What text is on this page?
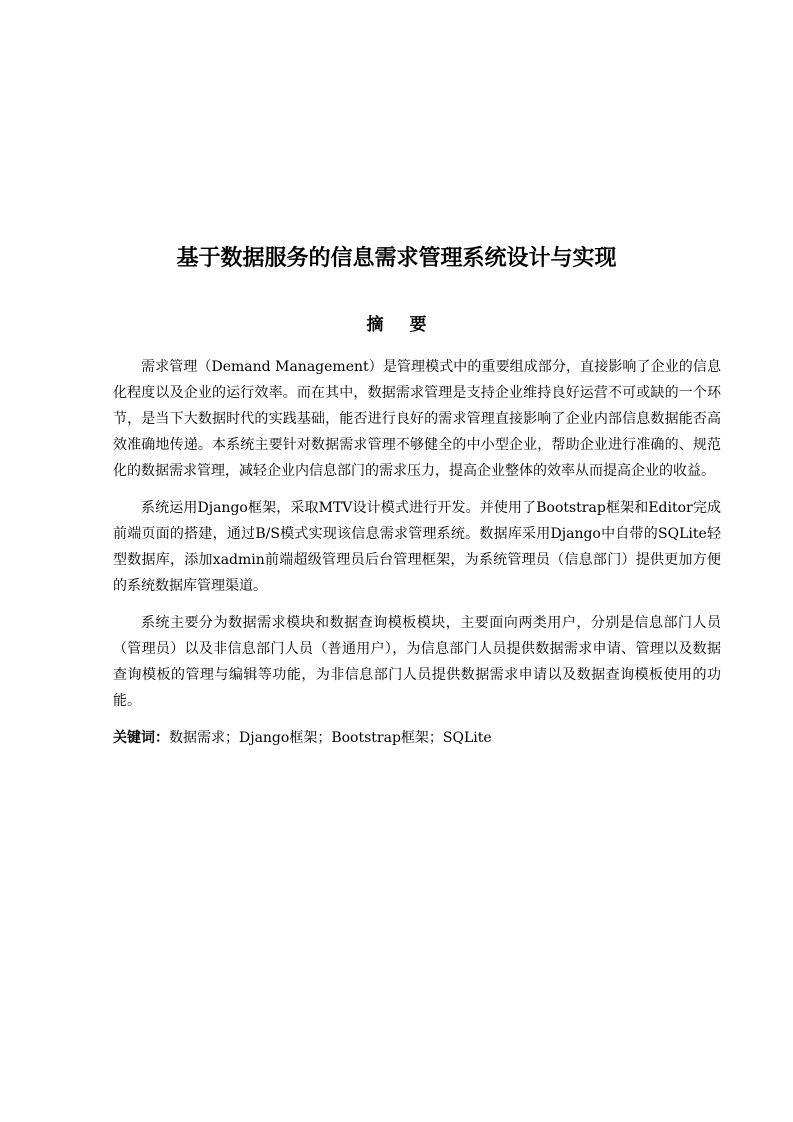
基于数据服务的信息需求管理系统设计与实现
摘 要

需求管理（Demand Management）是管理模式中的重要组成部分，直接影响了企业的信息化程度以及企业的运行效率。而在其中，数据需求管理是支持企业维持良好运营不可或缺的一个环节，是当下大数据时代的实践基础，能否进行良好的需求管理直接影响了企业内部信息数据能否高效准确地传递。本系统主要针对数据需求管理不够健全的中小型企业，帮助企业进行准确的、规范化的数据需求管理，减轻企业内信息部门的需求压力，提高企业整体的效率从而提高企业的收益。

系统运用Django框架，采取MTV设计模式进行开发。并使用了Bootstrap框架和Editor完成前端页面的搭建，通过B/S模式实现该信息需求管理系统。数据库采用Django中自带的SQLite轻型数据库，添加xadmin前端超级管理员后台管理框架，为系统管理员（信息部门）提供更加方便的系统数据库管理渠道。

系统主要分为数据需求模块和数据查询模板模块，主要面向两类用户，分别是信息部门人员（管理员）以及非信息部门人员（普通用户），为信息部门人员提供数据需求申请、管理以及数据查询模板的管理与编辑等功能，为非信息部门人员提供数据需求申请以及数据查询模板使用的功能。

关键词：数据需求；Django框架；Bootstrap框架；SQLite
